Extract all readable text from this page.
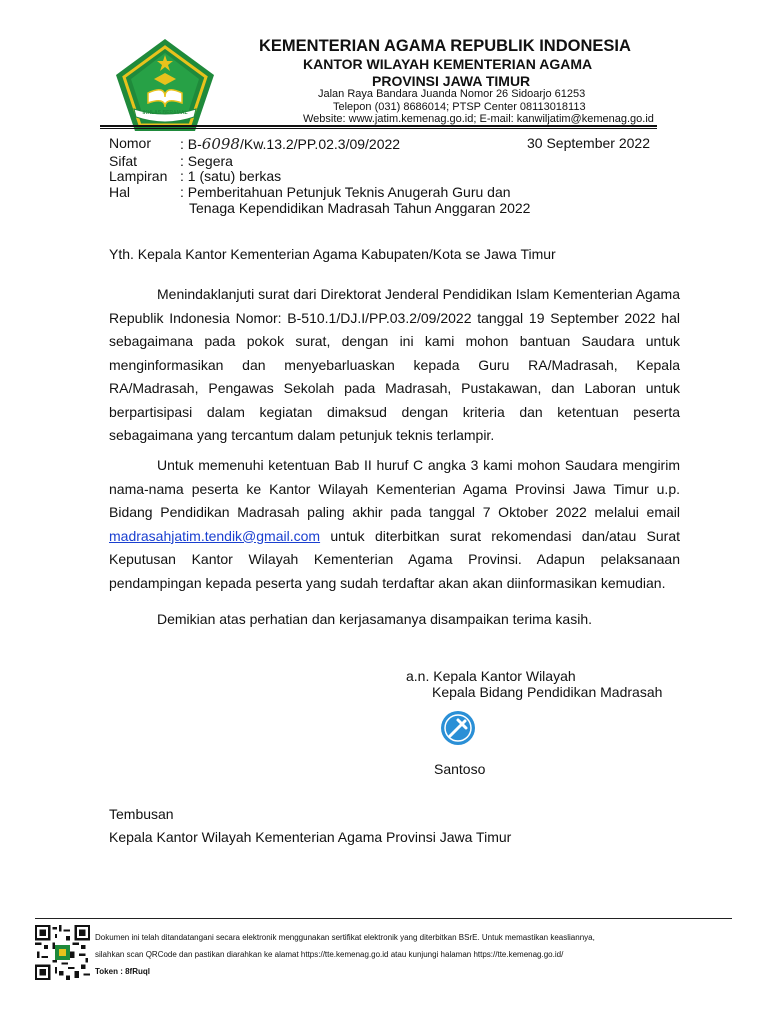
IKHLAS BERAMAL
KEMENTERIAN AGAMA REPUBLIK INDONESIA
KANTOR WILAYAH KEMENTERIAN AGAMA
PROVINSI JAWA TIMUR
Jalan Raya Bandara Juanda Nomor 26 Sidoarjo 61253
Telepon (031) 8686014; PTSP Center 08113018113
Website: www.jatim.kemenag.go.id; E-mail: kanwiljatim@kemenag.go.id
Nomor : B-6098/Kw.13.2/PP.02.3/09/2022	30 September 2022
Sifat	: Segera
Lampiran : 1 (satu) berkas
Hal	: Pemberitahuan Petunjuk Teknis Anugerah Guru dan
Tenaga Kependidikan Madrasah Tahun Anggaran 2022
Yth. Kepala Kantor Kementerian Agama Kabupaten/Kota se Jawa Timur

Menindaklanjuti surat dari Direktorat Jenderal Pendidikan Islam Kementerian Agama Republik Indonesia Nomor: B-510.1/DJ.I/PP.03.2/09/2022 tanggal 19 September 2022 hal sebagaimana pada pokok surat, dengan ini kami mohon bantuan Saudara untuk menginformasikan dan menyebarluaskan kepada Guru RA/Madrasah, Kepala RA/Madrasah, Pengawas Sekolah pada Madrasah, Pustakawan, dan Laboran untuk berpartisipasi dalam kegiatan dimaksud dengan kriteria dan ketentuan peserta sebagaimana yang tercantum dalam petunjuk teknis terlampir.

Untuk memenuhi ketentuan Bab II huruf C angka 3 kami mohon Saudara mengirim nama-nama peserta ke Kantor Wilayah Kementerian Agama Provinsi Jawa Timur u.p. Bidang Pendidikan Madrasah paling akhir pada tanggal 7 Oktober 2022 melalui email madrasahjatim.tendik@gmail.com untuk diterbitkan surat rekomendasi dan/atau Surat Keputusan Kantor Wilayah Kementerian Agama Provinsi. Adapun pelaksanaan pendampingan kepada peserta yang sudah terdaftar akan akan diinformasikan kemudian.

Demikian atas perhatian dan kerjasamanya disampaikan terima kasih.

a.n. Kepala Kantor Wilayah
Kepala Bidang Pendidikan Madrasah
Santoso
Tembusan
Kepala Kantor Wilayah Kementerian Agama Provinsi Jawa Timur
Dokumen ini telah ditandatangani secara elektronik menggunakan sertifikat elektronik yang diterbitkan BSrE. Untuk memastikan keasliannya,
silahkan scan QRCode dan pastikan diarahkan ke alamat https://tte.kemenag.go.id atau kunjungi halaman https://tte.kemenag.go.id/
Token : 8fRuql
